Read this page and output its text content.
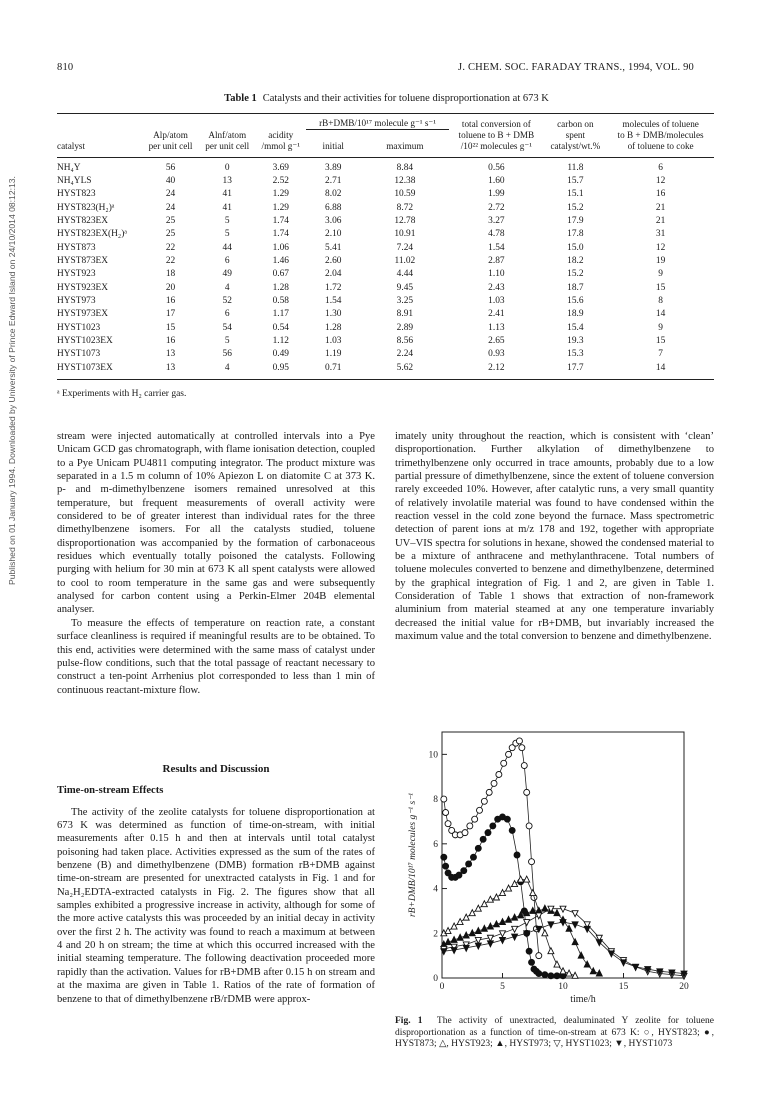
810	J. CHEM. SOC. FARADAY TRANS., 1994, VOL. 90
Published on 01 January 1994. Downloaded by University of Prince Edward Island on 24/10/2014 08:12:13.
Table 1 Catalysts and their activities for toluene disproportionation at 673 K
				rB+DMB/10¹⁷ molecule g⁻¹ s⁻¹		total conversion of	carbon on	molecules of toluene
	Alp/atom	Alnf/atom	acidity			toluene to B + DMB	spent	to B + DMB/molecules
catalyst	per unit cell	per unit cell	/mmol g⁻¹	initial	maximum	/10²² molecules g⁻¹	catalyst/wt.%	of toluene to coke
NH₄Y	56	0	3.69	3.89	8.84	0.56	11.8	6
NH₄YLS	40	13	2.52	2.71	12.38	1.60	15.7	12
HYST823	24	41	1.29	8.02	10.59	1.99	15.1	16
HYST823(H₂)ᵃ	24	41	1.29	6.88	8.72	2.72	15.2	21
HYST823EX	25	5	1.74	3.06	12.78	3.27	17.9	21
HYST823EX(H₂)ᵃ	25	5	1.74	2.10	10.91	4.78	17.8	31
HYST873	22	44	1.06	5.41	7.24	1.54	15.0	12
HYST873EX	22	6	1.46	2.60	11.02	2.87	18.2	19
HYST923	18	49	0.67	2.04	4.44	1.10	15.2	9
HYST923EX	20	4	1.28	1.72	9.45	2.43	18.7	15
HYST973	16	52	0.58	1.54	3.25	1.03	15.6	8
HYST973EX	17	6	1.17	1.30	8.91	2.41	18.9	14
HYST1023	15	54	0.54	1.28	2.89	1.13	15.4	9
HYST1023EX	16	5	1.12	1.03	8.56	2.65	19.3	15
HYST1073	13	56	0.49	1.19	2.24	0.93	15.3	7
HYST1073EX	13	4	0.95	0.71	5.62	2.12	17.7	14
ᵃ Experiments with H₂ carrier gas.

stream were injected automatically at controlled intervals into a Pye Unicam GCD gas chromatograph, with flame ionisation detection, coupled to a Pye Unicam PU4811 computing integrator. The product mixture was separated in a 1.5 m column of 10% Apiezon L on diatomite C at 373 K. p- and m-dimethylbenzene isomers remained unresolved at this temperature, but frequent measurements of overall activity were considered to be of greater interest than individual rates for the three dimethylbenzene isomers. For all the catalysts studied, toluene disproportionation was accompanied by the formation of carbonaceous residues which eventually totally poisoned the catalysts. Following purging with helium for 30 min at 673 K all spent catalysts were allowed to cool to room temperature in the same gas and were subsequently analysed for carbon content using a Perkin-Elmer 204B elemental analyser.

To measure the effects of temperature on reaction rate, a constant surface cleanliness is required if meaningful results are to be obtained. To this end, activities were determined with the same mass of catalyst under pulse-flow conditions, such that the total passage of reactant necessary to construct a ten-point Arrhenius plot corresponded to less than 1 min of continuous reactant-mixture flow.

imately unity throughout the reaction, which is consistent with ‘clean’ disproportionation. Further alkylation of dimethylbenzene to trimethylbenzene only occurred in trace amounts, probably due to a low partial pressure of dimethylbenzene, since the extent of toluene conversion rarely exceeded 10%. However, after catalytic runs, a very small quantity of relatively involatile material was found to have condensed within the reaction vessel in the cold zone beyond the furnace. Mass spectrometric detection of parent ions at m/z 178 and 192, together with appropriate UV–VIS spectra for solutions in hexane, showed the condensed material to be a mixture of anthracene and methylanthracene. Total numbers of toluene molecules converted to benzene and dimethylbenzene, determined by the graphical integration of Fig. 1 and 2, are given in Table 1. Consideration of Table 1 shows that extraction of non-framework aluminium from material steamed at any one temperature invariably decreased the initial value for rB+DMB, but invariably increased the maximum value and the total conversion to benzene and dimethylbenzene.

Results and Discussion

Time-on-stream Effects

The activity of the zeolite catalysts for toluene disproportionation at 673 K was determined as function of time-on-stream, with initial measurements after 0.15 h and then at intervals until total catalyst poisoning had taken place. Activities expressed as the sum of the rates of benzene (B) and dimethylbenzene (DMB) formation rB+DMB against time-on-stream are presented for unextracted catalysts in Fig. 1 and for Na₂H₂EDTA-extracted catalysts in Fig. 2. The figures show that all samples exhibited a progressive increase in activity, although for some of the more active catalysts this was proceeded by an initial decay in activity over the first 2 h. The activity was found to reach a maximum at between 4 and 20 h on stream; the time at which this occurred increased with the initial steaming temperature. The following deactivation proceeded more rapidly than the activation. Values for rB+DMB after 0.15 h on stream and at the maxima are given in Table 1. Ratios of the rate of formation of benzene to that of dimethylbenzene rB/rDMB were approx-

0	5	10	15	20
0
2
4
6
8
10
time/h
rB+DMB/10¹⁷ molecules g⁻¹ s⁻¹
Fig. 1 The activity of unextracted, dealuminated Y zeolite for toluene disproportionation as a function of time-on-stream at 673 K: ○, HYST823; ●, HYST873; △, HYST923; ▲, HYST973; ▽, HYST1023; ▼, HYST1073
